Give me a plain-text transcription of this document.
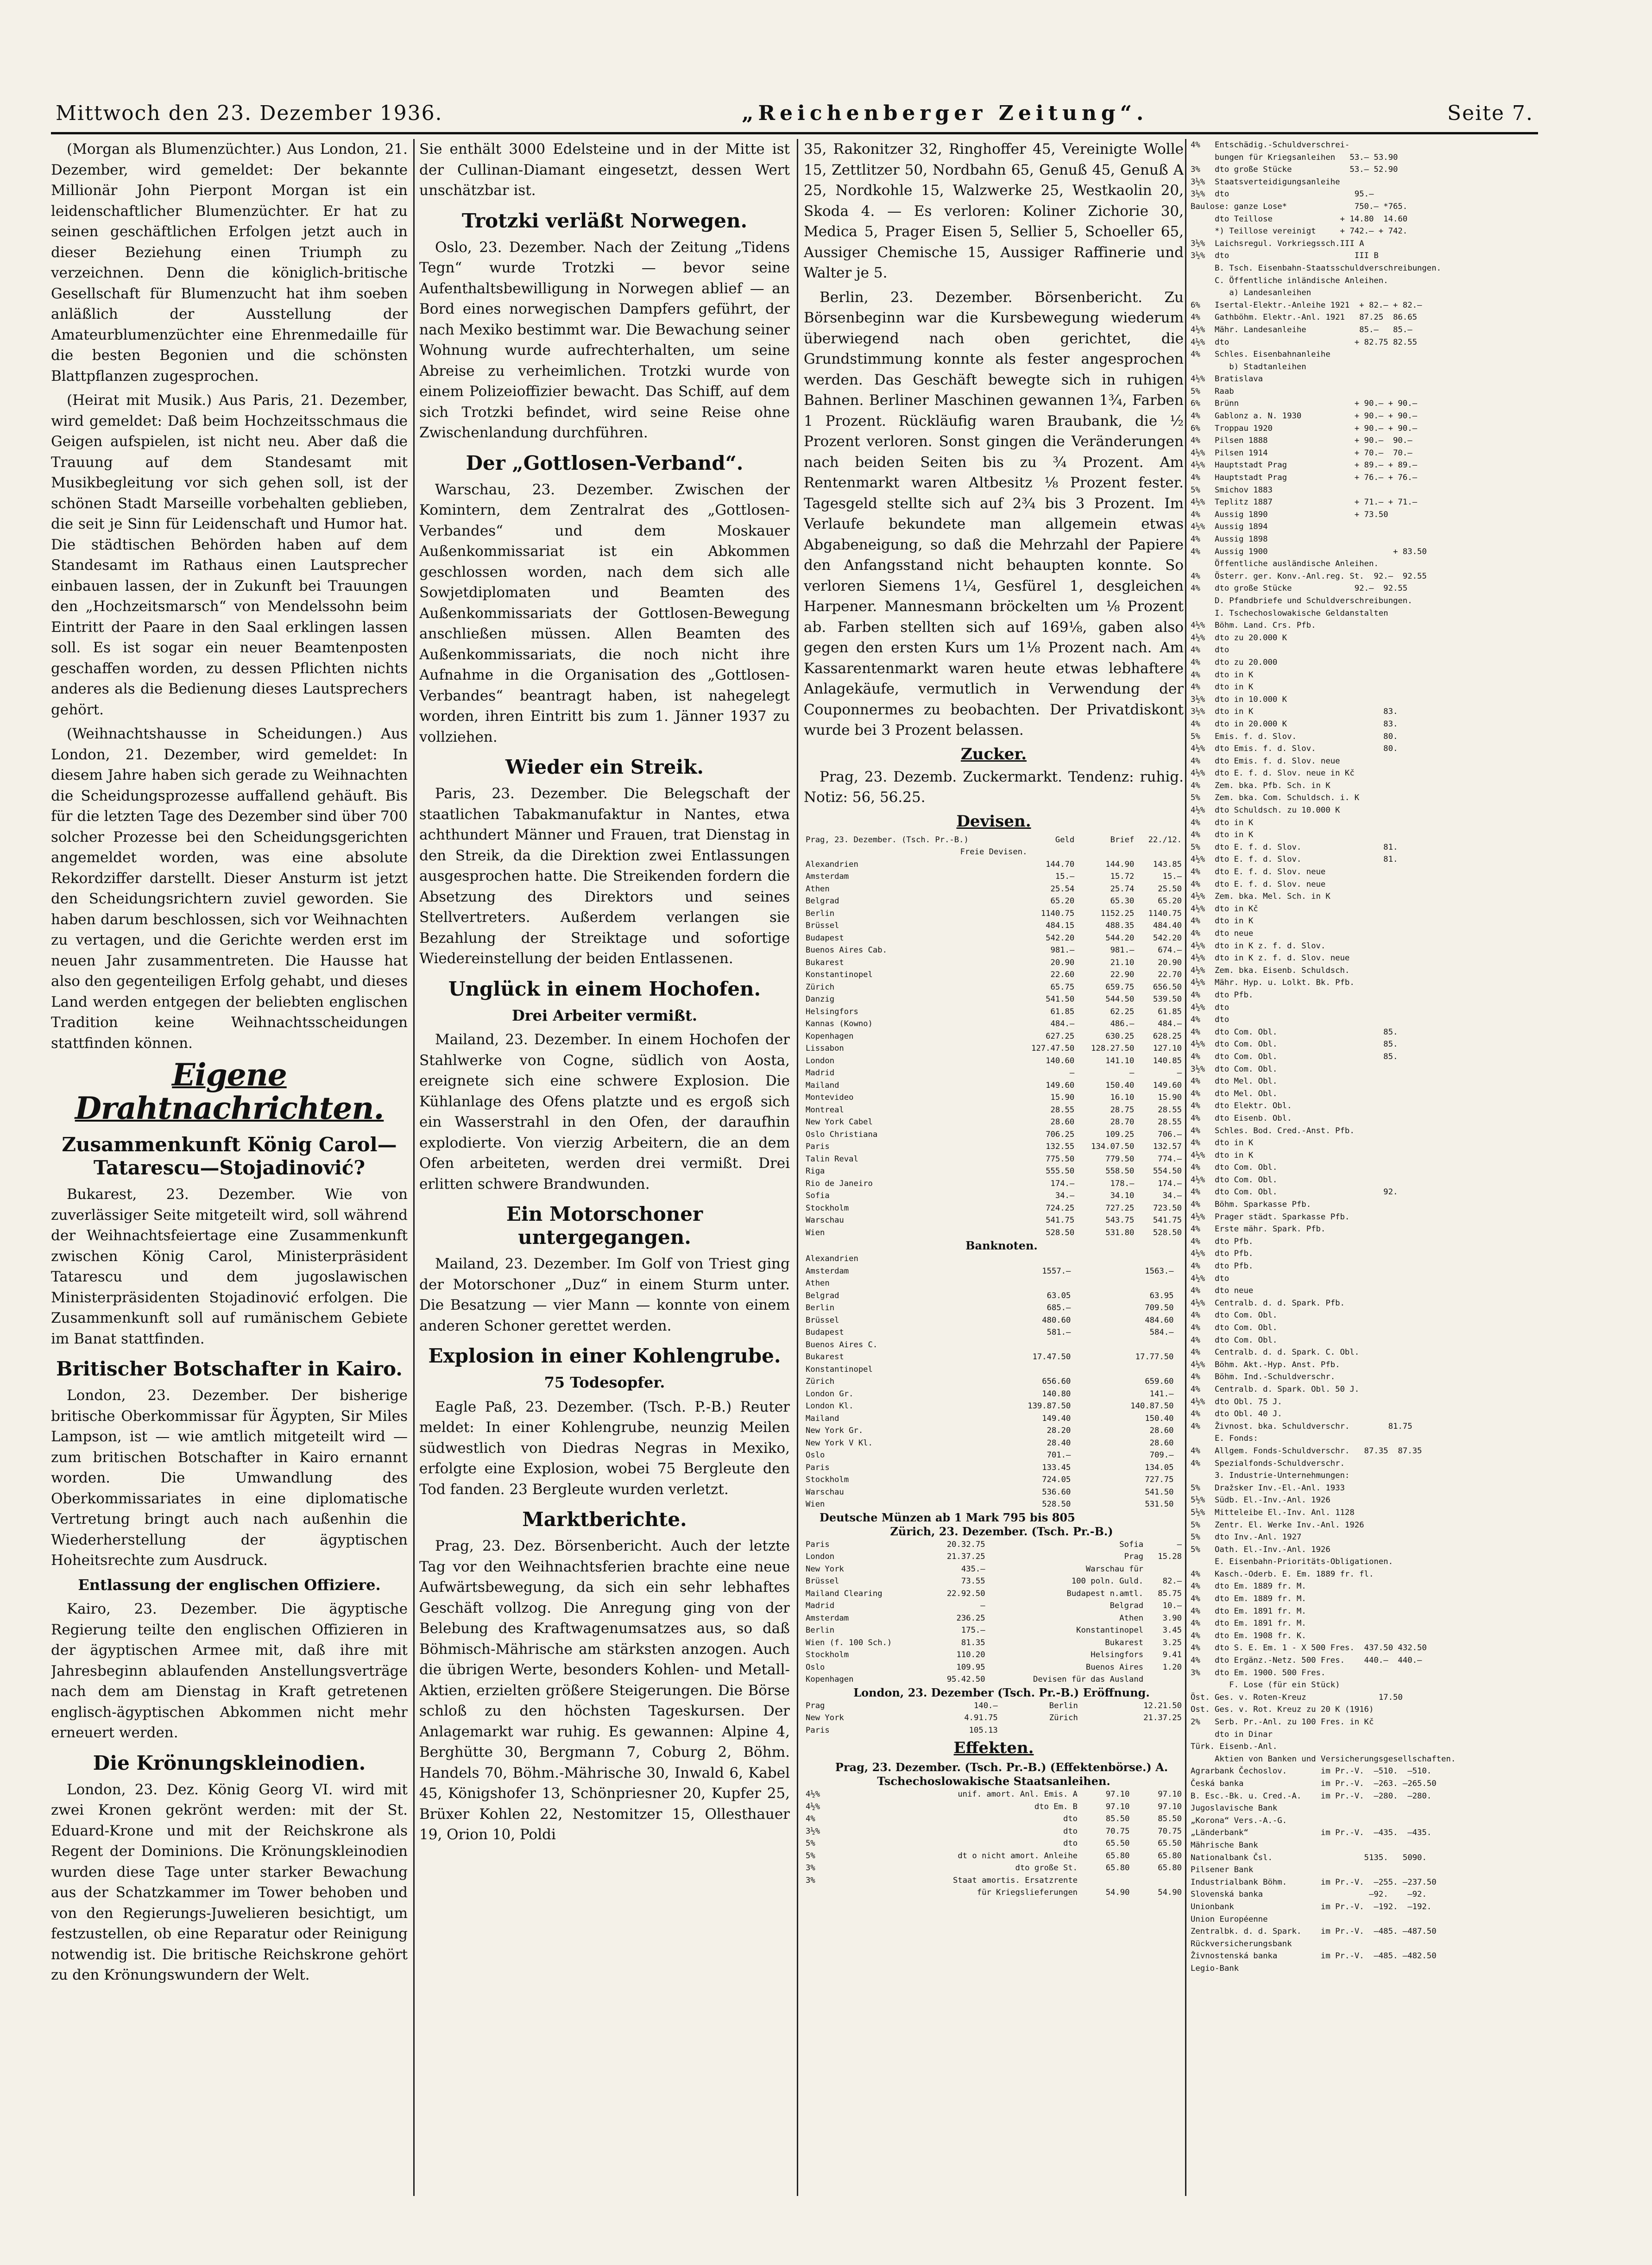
Mittwoch den 23. Dezember 1936.	„Reichenberger Zeitung“.	Seite 7.

(Morgan als Blumenzüchter.) Aus London, 21. Dezember, wird gemeldet: Der bekannte Millionär John Pierpont Morgan ist ein leidenschaftlicher Blumenzüchter. Er hat zu seinen geschäftlichen Erfolgen jetzt auch in dieser Beziehung einen Triumph zu verzeichnen. Denn die königlich-britische Gesellschaft für Blumenzucht hat ihm soeben anläßlich der Ausstellung der Amateurblumenzüchter eine Ehrenmedaille für die besten Begonien und die schönsten Blattpflanzen zugesprochen.

(Heirat mit Musik.) Aus Paris, 21. Dezember, wird gemeldet: Daß beim Hochzeitsschmaus die Geigen aufspielen, ist nicht neu. Aber daß die Trauung auf dem Standesamt mit Musikbegleitung vor sich gehen soll, ist der schönen Stadt Marseille vorbehalten geblieben, die seit je Sinn für Leidenschaft und Humor hat. Die städtischen Behörden haben auf dem Standesamt im Rathaus einen Lautsprecher einbauen lassen, der in Zukunft bei Trauungen den „Hochzeitsmarsch“ von Mendelssohn beim Eintritt der Paare in den Saal erklingen lassen soll. Es ist sogar ein neuer Beamtenposten geschaffen worden, zu dessen Pflichten nichts anderes als die Bedienung dieses Lautsprechers gehört.

(Weihnachtshausse in Scheidungen.) Aus London, 21. Dezember, wird gemeldet: In diesem Jahre haben sich gerade zu Weihnachten die Scheidungsprozesse auffallend gehäuft. Bis für die letzten Tage des Dezember sind über 700 solcher Prozesse bei den Scheidungsgerichten angemeldet worden, was eine absolute Rekordziffer darstellt. Dieser Ansturm ist jetzt den Scheidungsrichtern zuviel geworden. Sie haben darum beschlossen, sich vor Weihnachten zu vertagen, und die Gerichte werden erst im neuen Jahr zusammentreten. Die Hausse hat also den gegenteiligen Erfolg gehabt, und dieses Land werden entgegen der beliebten englischen Tradition keine Weihnachtsscheidungen stattfinden können.

Eigene Drahtnachrichten.
Zusammenkunft König Carol—Tatarescu—Stojadinović?

Bukarest, 23. Dezember. Wie von zuverlässiger Seite mitgeteilt wird, soll während der Weihnachtsfeiertage eine Zusammenkunft zwischen König Carol, Ministerpräsident Tatarescu und dem jugoslawischen Ministerpräsidenten Stojadinović erfolgen. Die Zusammenkunft soll auf rumänischem Gebiete im Banat stattfinden.

Britischer Botschafter in Kairo.

London, 23. Dezember. Der bisherige britische Oberkommissar für Ägypten, Sir Miles Lampson, ist — wie amtlich mitgeteilt wird — zum britischen Botschafter in Kairo ernannt worden. Die Umwandlung des Oberkommissariates in eine diplomatische Vertretung bringt auch nach außenhin die Wiederherstellung der ägyptischen Hoheitsrechte zum Ausdruck.

Entlassung der englischen Offiziere.

Kairo, 23. Dezember. Die ägyptische Regierung teilte den englischen Offizieren in der ägyptischen Armee mit, daß ihre mit Jahresbeginn ablaufenden Anstellungsverträge nach dem am Dienstag in Kraft getretenen englisch-ägyptischen Abkommen nicht mehr erneuert werden.

Die Krönungskleinodien.

London, 23. Dez. König Georg VI. wird mit zwei Kronen gekrönt werden: mit der St. Eduard-Krone und mit der Reichskrone als Regent der Dominions. Die Krönungskleinodien wurden diese Tage unter starker Bewachung aus der Schatzkammer im Tower behoben und von den Regierungs-Juwelieren besichtigt, um festzustellen, ob eine Reparatur oder Reinigung notwendig ist. Die britische Reichskrone gehört zu den Krönungswundern der Welt.

Sie enthält 3000 Edelsteine und in der Mitte ist der Cullinan-Diamant eingesetzt, dessen Wert unschätzbar ist.

Trotzki verläßt Norwegen.

Oslo, 23. Dezember. Nach der Zeitung „Tidens Tegn“ wurde Trotzki — bevor seine Aufenthaltsbewilligung in Norwegen ablief — an Bord eines norwegischen Dampfers geführt, der nach Mexiko bestimmt war. Die Bewachung seiner Wohnung wurde aufrechterhalten, um seine Abreise zu verheimlichen. Trotzki wurde von einem Polizeioffizier bewacht. Das Schiff, auf dem sich Trotzki befindet, wird seine Reise ohne Zwischenlandung durchführen.

Der „Gottlosen-Verband“.

Warschau, 23. Dezember. Zwischen der Komintern, dem Zentralrat des „Gottlosen-Verbandes“ und dem Moskauer Außenkommissariat ist ein Abkommen geschlossen worden, nach dem sich alle Sowjetdiplomaten und Beamten des Außenkommissariats der Gottlosen-Bewegung anschließen müssen. Allen Beamten des Außenkommissariats, die noch nicht ihre Aufnahme in die Organisation des „Gottlosen-Verbandes“ beantragt haben, ist nahegelegt worden, ihren Eintritt bis zum 1. Jänner 1937 zu vollziehen.

Wieder ein Streik.

Paris, 23. Dezember. Die Belegschaft der staatlichen Tabakmanufaktur in Nantes, etwa achthundert Männer und Frauen, trat Dienstag in den Streik, da die Direktion zwei Entlassungen ausgesprochen hatte. Die Streikenden fordern die Absetzung des Direktors und seines Stellvertreters. Außerdem verlangen sie Bezahlung der Streiktage und sofortige Wiedereinstellung der beiden Entlassenen.

Unglück in einem Hochofen.
Drei Arbeiter vermißt.

Mailand, 23. Dezember. In einem Hochofen der Stahlwerke von Cogne, südlich von Aosta, ereignete sich eine schwere Explosion. Die Kühlanlage des Ofens platzte und es ergoß sich ein Wasserstrahl in den Ofen, der daraufhin explodierte. Von vierzig Arbeitern, die an dem Ofen arbeiteten, werden drei vermißt. Drei erlitten schwere Brandwunden.

Ein Motorschoner untergegangen.

Mailand, 23. Dezember. Im Golf von Triest ging der Motorschoner „Duz“ in einem Sturm unter. Die Besatzung — vier Mann — konnte von einem anderen Schoner gerettet werden.

Explosion in einer Kohlengrube.
75 Todesopfer.

Eagle Paß, 23. Dezember. (Tsch. P.-B.) Reuter meldet: In einer Kohlengrube, neunzig Meilen südwestlich von Diedras Negras in Mexiko, erfolgte eine Explosion, wobei 75 Bergleute den Tod fanden. 23 Bergleute wurden verletzt.

Marktberichte.

Prag, 23. Dez. Börsenbericht. Auch der letzte Tag vor den Weihnachtsferien brachte eine neue Aufwärtsbewegung, da sich ein sehr lebhaftes Geschäft vollzog. Die Anregung ging von der Belebung des Kraftwagenumsatzes aus, so daß Böhmisch-Mährische am stärksten anzogen. Auch die übrigen Werte, besonders Kohlen- und Metall-Aktien, erzielten größere Steigerungen. Die Börse schloß zu den höchsten Tageskursen. Der Anlagemarkt war ruhig. Es gewannen: Alpine 4, Berghütte 30, Bergmann 7, Coburg 2, Böhm. Handels 70, Böhm.-Mährische 30, Inwald 6, Kabel 45, Königshofer 13, Schönpriesner 20, Kupfer 25, Brüxer Kohlen 22, Nestomitzer 15, Ollesthauer 19, Orion 10, Poldi

35, Rakonitzer 32, Ringhoffer 45, Vereinigte Wolle 15, Zettlitzer 50, Nordbahn 65, Genuß 45, Genuß A 25, Nordkohle 15, Walzwerke 25, Westkaolin 20, Skoda 4. — Es verloren: Koliner Zichorie 30, Medica 5, Prager Eisen 5, Sellier 5, Schoeller 65, Aussiger Chemische 15, Aussiger Raffinerie und Walter je 5.

Berlin, 23. Dezember. Börsenbericht. Zu Börsenbeginn war die Kursbewegung wiederum überwiegend nach oben gerichtet, die Grundstimmung konnte als fester angesprochen werden. Das Geschäft bewegte sich in ruhigen Bahnen. Berliner Maschinen gewannen 1¾, Farben 1 Prozent. Rückläufig waren Braubank, die ½ Prozent verloren. Sonst gingen die Veränderungen nach beiden Seiten bis zu ¾ Prozent. Am Rentenmarkt waren Altbesitz ⅛ Prozent fester. Tagesgeld stellte sich auf 2¾ bis 3 Prozent. Im Verlaufe bekundete man allgemein etwas Abgabeneigung, so daß die Mehrzahl der Papiere den Anfangsstand nicht behaupten konnte. So verloren Siemens 1¼, Gesfürel 1, desgleichen Harpener. Mannesmann bröckelten um ⅛ Prozent ab. Farben stellten sich auf 169⅛, gaben also gegen den ersten Kurs um 1⅛ Prozent nach. Am Kassarentenmarkt waren heute etwas lebhaftere Anlagekäufe, vermutlich in Verwendung der Couponnermes zu beobachten. Der Privatdiskont wurde bei 3 Prozent belassen.

Zucker.

Prag, 23. Dezemb. Zuckermarkt. Tendenz: ruhig. Notiz: 56, 56.25.

Devisen.
Prag, 23. Dezember. (Tsch. Pr.-B.)	Geld	Brief	22./12.
Freie Devisen.			
Alexandrien	144.70	144.90	143.85
Amsterdam	15.—	15.72	15.—
Athen	25.54	25.74	25.50
Belgrad	65.20	65.30	65.20
Berlin	1140.75	1152.25	1140.75
Brüssel	484.15	488.35	484.40
Budapest	542.20	544.20	542.20
Buenos Aires Cab.	981.—	981.—	674.—
Bukarest	20.90	21.10	20.90
Konstantinopel	22.60	22.90	22.70
Zürich	65.75	659.75	656.50
Danzig	541.50	544.50	539.50
Helsingfors	61.85	62.25	61.85
Kannas (Kowno)	484.—	486.—	484.—
Kopenhagen	627.25	630.25	628.25
Lissabon	127.47.50	128.27.50	127.10
London	140.60	141.10	140.85
Madrid	—	—	—
Mailand	149.60	150.40	149.60
Montevideo	15.90	16.10	15.90
Montreal	28.55	28.75	28.55
New York Cabel	28.60	28.70	28.55
Oslo Christiana	706.25	109.25	706.—
Paris	132.55	134.07.50	132.57
Talin Reval	775.50	779.50	774.—
Riga	555.50	558.50	554.50
Rio de Janeiro	174.—	178.—	174.—
Sofia	34.—	34.10	34.—
Stockholm	724.25	727.25	723.50
Warschau	541.75	543.75	541.75
Wien	528.50	531.80	528.50

Banknoten.

Alexandrien			
Amsterdam	1557.—	1563.—	
Athen			
Belgrad	63.05	63.95	
Berlin	685.—	709.50	
Brüssel	480.60	484.60	
Budapest	581.—	584.—	
Buenos Aires C.			
Bukarest	17.47.50	17.77.50	
Konstantinopel			
Zürich	656.60	659.60	
London Gr.	140.80	141.—	
London Kl.	139.87.50	140.87.50	
Mailand	149.40	150.40	
New York Gr.	28.20	28.60	
New York V Kl.	28.40	28.60	
Oslo	701.—	709.—	
Paris	133.45	134.05	
Stockholm	724.05	727.75	
Warschau	536.60	541.50	
Wien	528.50	531.50	

Deutsche Münzen ab 1 Mark 795 bis 805

Zürich, 23. Dezember. (Tsch. Pr.-B.)

Paris	20.32.75	Sofia	—
London	21.37.25	Prag	15.28
New York	435.—	Warschau für	
Brüssel	73.55	100 poln. Guld.	82.—
Mailand Clearing	22.92.50	Budapest n.amtl.	85.75
Madrid	—	Belgrad	10.—
Amsterdam	236.25	Athen	3.90
Berlin	175.—	Konstantinopel	3.45
Wien (f. 100 Sch.)	81.35	Bukarest	3.25
Stockholm	110.20	Helsingfors	9.41
Oslo	109.95	Buenos Aires	1.20
Kopenhagen	95.42.50	Devisen für das Ausland	

London, 23. Dezember (Tsch. Pr.-B.) Eröffnung.

Prag	140.—	Berlin	12.21.50
New York	4.91.75	Zürich	21.37.25
Paris	105.13		
Effekten.

Prag, 23. Dezember. (Tsch. Pr.-B.) (Effektenbörse.) A. Tschechoslowakische Staatsanleihen.

4½%	unif. amort. Anl. Emis. A	97.10	97.10
4½%	dto Em. B	97.10	97.10
4%	dto	85.50	85.50
3½%	dto	70.75	70.75
5%	dto	65.50	65.50
5%	dt o nicht amort. Anleihe	65.80	65.80
3%	dto große St.	65.80	65.80
3%	Staat amortis. Ersatzrente		
	für Kriegslieferungen	54.90	54.90
4%   Entschädig.-Schuldverschrei-
bungen für Kriegsanleihen   53.— 53.90
3%   dto große Stücke            53.— 52.90
3½%  Staatsverteidigungsanleihe
3½%  dto                          95.—
Baulose: ganze Lose*              750.— *765.
dto Teillose              + 14.80  14.60
*) Teillose vereinigt     + 742.— + 742.
3½%  Laichsregul. Vorkriegssch.III A
3½%  dto                          III B
B. Tsch. Eisenbahn-Staatsschuldverschreibungen.
C. Öffentliche inländische Anleihen.
a) Landesanleihen
6%   Isertal-Elektr.-Anleihe 1921  + 82.— + 82.—
4%   Gathböhm. Elektr.-Anl. 1921   87.25  86.65
4½%  Mähr. Landesanleihe           85.—   85.—
4½%  dto                          + 82.75 82.55
4%   Schles. Eisenbahnanleihe
b) Stadtanleihen
4½%  Bratislava
5%   Raab
6%   Brünn                        + 90.— + 90.—
4%   Gablonz a. N. 1930           + 90.— + 90.—
6%   Troppau 1920                 + 90.— + 90.—
4%   Pilsen 1888                  + 90.—  90.—
4½%  Pilsen 1914                  + 70.—  70.—
4½%  Hauptstadt Prag              + 89.— + 89.—
4%   Hauptstadt Prag              + 76.— + 76.—
5%   Smichov 1883
4½%  Teplitz 1887                 + 71.— + 71.—
4%   Aussig 1890                  + 73.50
4½%  Aussig 1894
4%   Aussig 1898
4%   Aussig 1900                          + 83.50
Öffentliche ausländische Anleihen.
4%   Österr. ger. Konv.-Anl.reg. St.  92.—  92.55
4%   dto große Stücke             92.—  92.55
D. Pfandbriefe und Schuldverschreibungen.
I. Tschechoslowakische Geldanstalten
4½%  Böhm. Land. Crs. Pfb.
4½%  dto zu 20.000 K
4%   dto
4%   dto zu 20.000
4%   dto in K
4%   dto in K
3½%  dto in 10.000 K
3½%  dto in K                           83.
4%   dto in 20.000 K                    83.
5%   Emis. f. d. Slov.                  80.
4½%  dto Emis. f. d. Slov.              80.
4%   dto Emis. f. d. Slov. neue
4½%  dto E. f. d. Slov. neue in Kč
4%   Zem. bka. Pfb. Sch. in K
5%   Zem. bka. Com. Schuldsch. i. K
4½%  dto Schuldsch. zu 10.000 K
4%   dto in K
4%   dto in K
5%   dto E. f. d. Slov.                 81.
4½%  dto E. f. d. Slov.                 81.
4%   dto E. f. d. Slov. neue
4%   dto E. f. d. Slov. neue
4½%  Zem. bka. Mel. Sch. in K
4½%  dto in Kč
4%   dto in K
4%   dto neue
4½%  dto in K z. f. d. Slov.
4½%  dto in K z. f. d. Slov. neue
4½%  Zem. bka. Eisenb. Schuldsch.
4½%  Mähr. Hyp. u. Lolkt. Bk. Pfb.
4%   dto Pfb.
4½%  dto
4%   dto
4%   dto Com. Obl.                      85.
4½%  dto Com. Obl.                      85.
4%   dto Com. Obl.                      85.
3½%  dto Com. Obl.
4%   dto Mel. Obl.
4%   dto Mel. Obl.
4%   dto Elektr. Obl.
4%   dto Eisenb. Obl.
4%   Schles. Bod. Cred.-Anst. Pfb.
4%   dto in K
4½%  dto in K
4%   dto Com. Obl.
4½%  dto Com. Obl.
4%   dto Com. Obl.                      92.
4%   Böhm. Sparkasse Pfb.
4½%  Prager städt. Sparkasse Pfb.
4%   Erste mähr. Spark. Pfb.
4%   dto Pfb.
4½%  dto Pfb.
4%   dto Pfb.
4½%  dto
4%   dto neue
4½%  Centralb. d. d. Spark. Pfb.
4%   dto Com. Obl.
4%   dto Com. Obl.
4%   dto Com. Obl.
4%   Centralb. d. d. Spark. C. Obl.
4½%  Böhm. Akt.-Hyp. Anst. Pfb.
4%   Böhm. Ind.-Schuldverschr.
4%   Centralb. d. Spark. Obl. 50 J.
4½%  dto Obl. 75 J.
4%   dto Obl. 40 J.
4%   Živnost. bka. Schuldverschr.        81.75
E. Fonds:
4%   Allgem. Fonds-Schuldverschr.   87.35  87.35
4%   Spezialfonds-Schuldverschr.
3. Industrie-Unternehmungen:
5%   Dražsker Inv.-El.-Anl. 1933
5½%  Südb. El.-Inv.-Anl. 1926
5½%  Mitteleibe El.-Inv. Anl. 1128
5%   Zentr. El. Werke Inv.-Anl. 1926
5%   dto Inv.-Anl. 1927
5%   Oath. El.-Inv.-Anl. 1926
E. Eisenbahn-Prioritäts-Obligationen.
4%   Kasch.-Oderb. E. Em. 1889 fr. fl.
4%   dto Em. 1889 fr. M.
4%   dto Em. 1889 fr. M.
4%   dto Em. 1891 fr. M.
4%   dto Em. 1891 fr. M.
4%   dto Em. 1908 fr. K.
4%   dto S. E. Em. 1 - X 500 Fres.  437.50 432.50
4%   dto Ergänz.-Netz. 500 Fres.    440.—  440.—
3%   dto Em. 1900. 500 Fres.
F. Lose (für ein Stück)
Öst. Ges. v. Roten-Kreuz               17.50
Ost. Ges. v. Rot. Kreuz zu 20 K (1916)
2%   Serb. Pr.-Anl. zu 100 Fres. in Kč
dto in Dinar
Türk. Eisenb.-Anl.
Aktien von Banken und Versicherungsgesellschaften.
Agrarbank Čechoslov.       im Pr.-V.  —510.  —510.
Česká banka                im Pr.-V.  —263. —265.50
B. Esc.-Bk. u. Cred.-A.    im Pr.-V.  —280.  —280.
Jugoslavische Bank
„Korona“ Vers.-A.-G.
„Länderbank“               im Pr.-V.  —435.  —435.
Mährische Bank
Nationalbank Čsl.                   5135.   5090.
Pilsener Bank
Industrialbank Böhm.       im Pr.-V.  —255. —237.50
Slovenská banka                      —92.    —92.
Unionbank                  im Pr.-V.  —192.  —192.
Union Européenne
Zentralbk. d. d. Spark.    im Pr.-V.  —485. —487.50
Rückversicherungsbank
Živnostenská banka         im Pr.-V.  —485. —482.50
Legio-Bank
